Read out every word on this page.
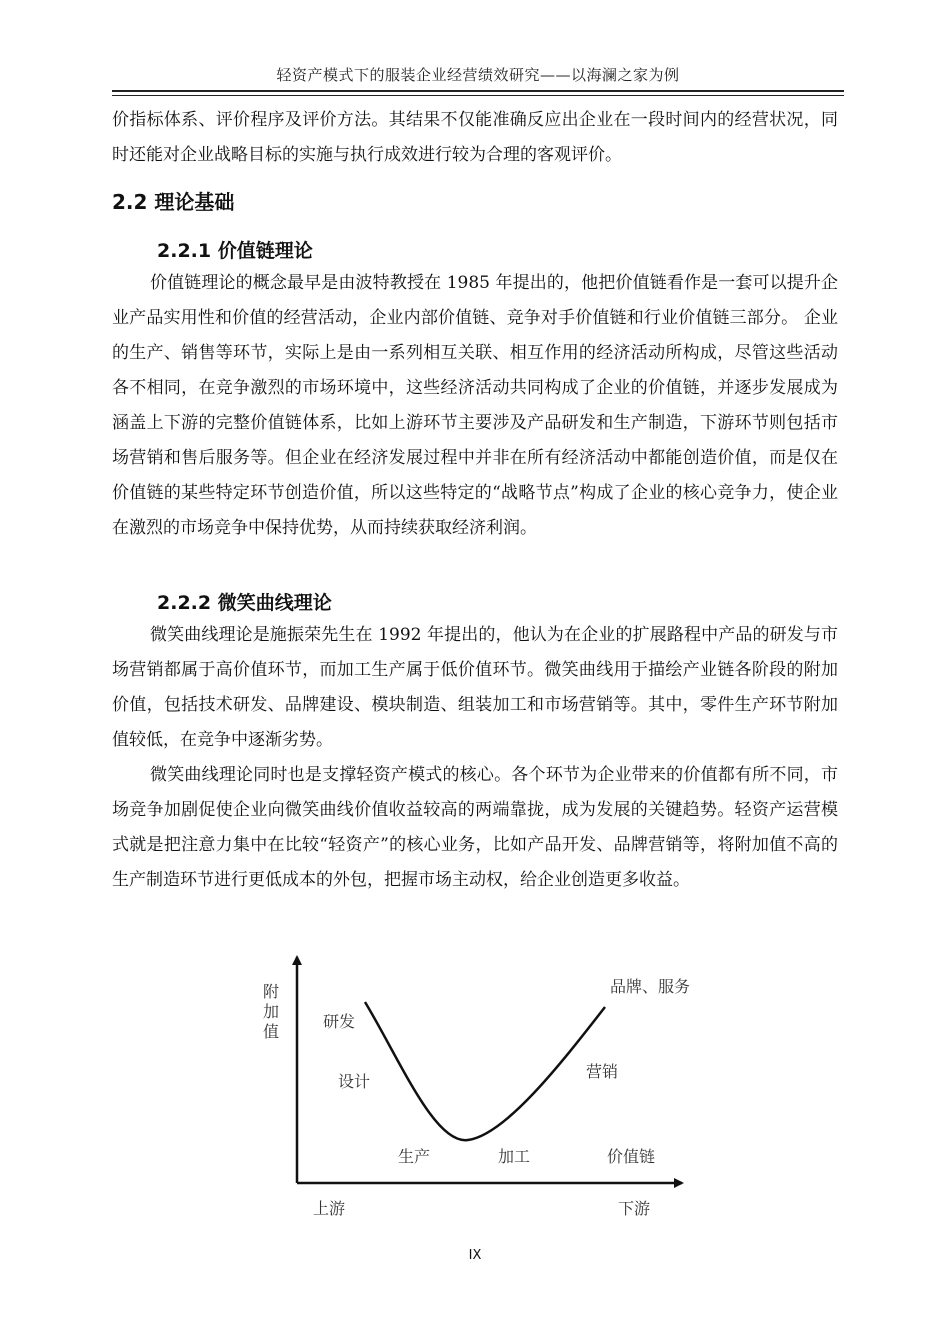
轻资产模式下的服装企业经营绩效研究——以海澜之家为例

价指标体系、评价程序及评价方法。其结果不仅能准确反应出企业在一段时间内的经营状况，同时还能对企业战略目标的实施与执行成效进行较为合理的客观评价。

2.2 理论基础
2.2.1 价值链理论

价值链理论的概念最早是由波特教授在 1985 年提出的，他把价值链看作是一套可以提升企业产品实用性和价值的经营活动，企业内部价值链、竞争对手价值链和行业价值链三部分。 企业的生产、销售等环节，实际上是由一系列相互关联、相互作用的经济活动所构成，尽管这些活动各不相同，在竞争激烈的市场环境中，这些经济活动共同构成了企业的价值链，并逐步发展成为涵盖上下游的完整价值链体系，比如上游环节主要涉及产品研发和生产制造，下游环节则包括市场营销和售后服务等。但企业在经济发展过程中并非在所有经济活动中都能创造价值，而是仅在价值链的某些特定环节创造价值，所以这些特定的“战略节点”构成了企业的核心竞争力，使企业在激烈的市场竞争中保持优势，从而持续获取经济利润。

2.2.2 微笑曲线理论

微笑曲线理论是施振荣先生在 1992 年提出的，他认为在企业的扩展路程中产品的研发与市场营销都属于高价值环节，而加工生产属于低价值环节。微笑曲线用于描绘产业链各阶段的附加价值，包括技术研发、品牌建设、模块制造、组装加工和市场营销等。其中，零件生产环节附加值较低，在竞争中逐渐劣势。

微笑曲线理论同时也是支撑轻资产模式的核心。各个环节为企业带来的价值都有所不同，市场竞争加剧促使企业向微笑曲线价值收益较高的两端靠拢，成为发展的关键趋势。轻资产运营模式就是把注意力集中在比较“轻资产”的核心业务，比如产品开发、品牌营销等，将附加值不高的生产制造环节进行更低成本的外包，把握市场主动权，给企业创造更多收益。

附
加
值
研发
设计
生产	加工	价值链
营销
品牌、服务
上游	下游
IX
